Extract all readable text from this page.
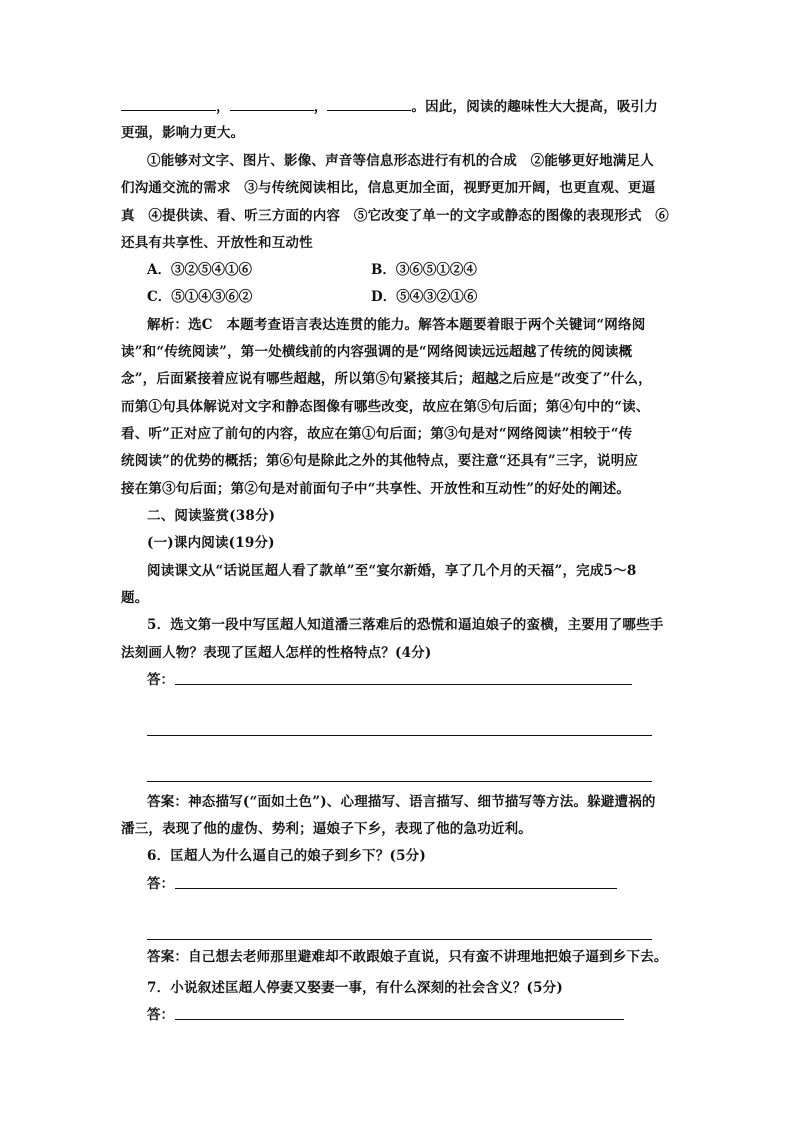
，	，	。因此，阅读的趣味性大大提高，吸引力
更强，影响力更大。
①能够对文字、图片、影像、声音等信息形态进行有机的合成　②能够更好地满足人
们沟通交流的需求　③与传统阅读相比，信息更加全面，视野更加开阔，也更直观、更逼
真　④提供读、看、听三方面的内容　⑤它改变了单一的文字或静态的图像的表现形式　⑥
还具有共享性、开放性和互动性
A．③②⑤④①⑥	B．③⑥⑤①②④
C．⑤①④③⑥②	D．⑤④③②①⑥
解析：选C　本题考查语言表达连贯的能力。解答本题要着眼于两个关键词“网络阅
读”和“传统阅读”，第一处横线前的内容强调的是“网络阅读远远超越了传统的阅读概
念”，后面紧接着应说有哪些超越，所以第⑤句紧接其后；超越之后应是“改变了”什么，
而第①句具体解说对文字和静态图像有哪些改变，故应在第⑤句后面；第④句中的“读、
看、听”正对应了前句的内容，故应在第①句后面；第③句是对“网络阅读”相较于“传
统阅读”的优势的概括；第⑥句是除此之外的其他特点，要注意“还具有”三字，说明应
接在第③句后面；第②句是对前面句子中“共享性、开放性和互动性”的好处的阐述。
二、阅读鉴赏(38分)
(一)课内阅读(19分)
阅读课文从“话说匡超人看了款单”至“宴尔新婚，享了几个月的天福”，完成5～8
题。
5．选文第一段中写匡超人知道潘三落难后的恐慌和逼迫娘子的蛮横，主要用了哪些手
法刻画人物？表现了匡超人怎样的性格特点？(4分)
答：
答案：神态描写(“面如土色”)、心理描写、语言描写、细节描写等方法。躲避遭祸的
潘三，表现了他的虚伪、势利；逼娘子下乡，表现了他的急功近利。
6．匡超人为什么逼自己的娘子到乡下？(5分)
答：
答案：自己想去老师那里避难却不敢跟娘子直说，只有蛮不讲理地把娘子逼到乡下去。
7．小说叙述匡超人停妻又娶妻一事，有什么深刻的社会含义？(5分)
答：
